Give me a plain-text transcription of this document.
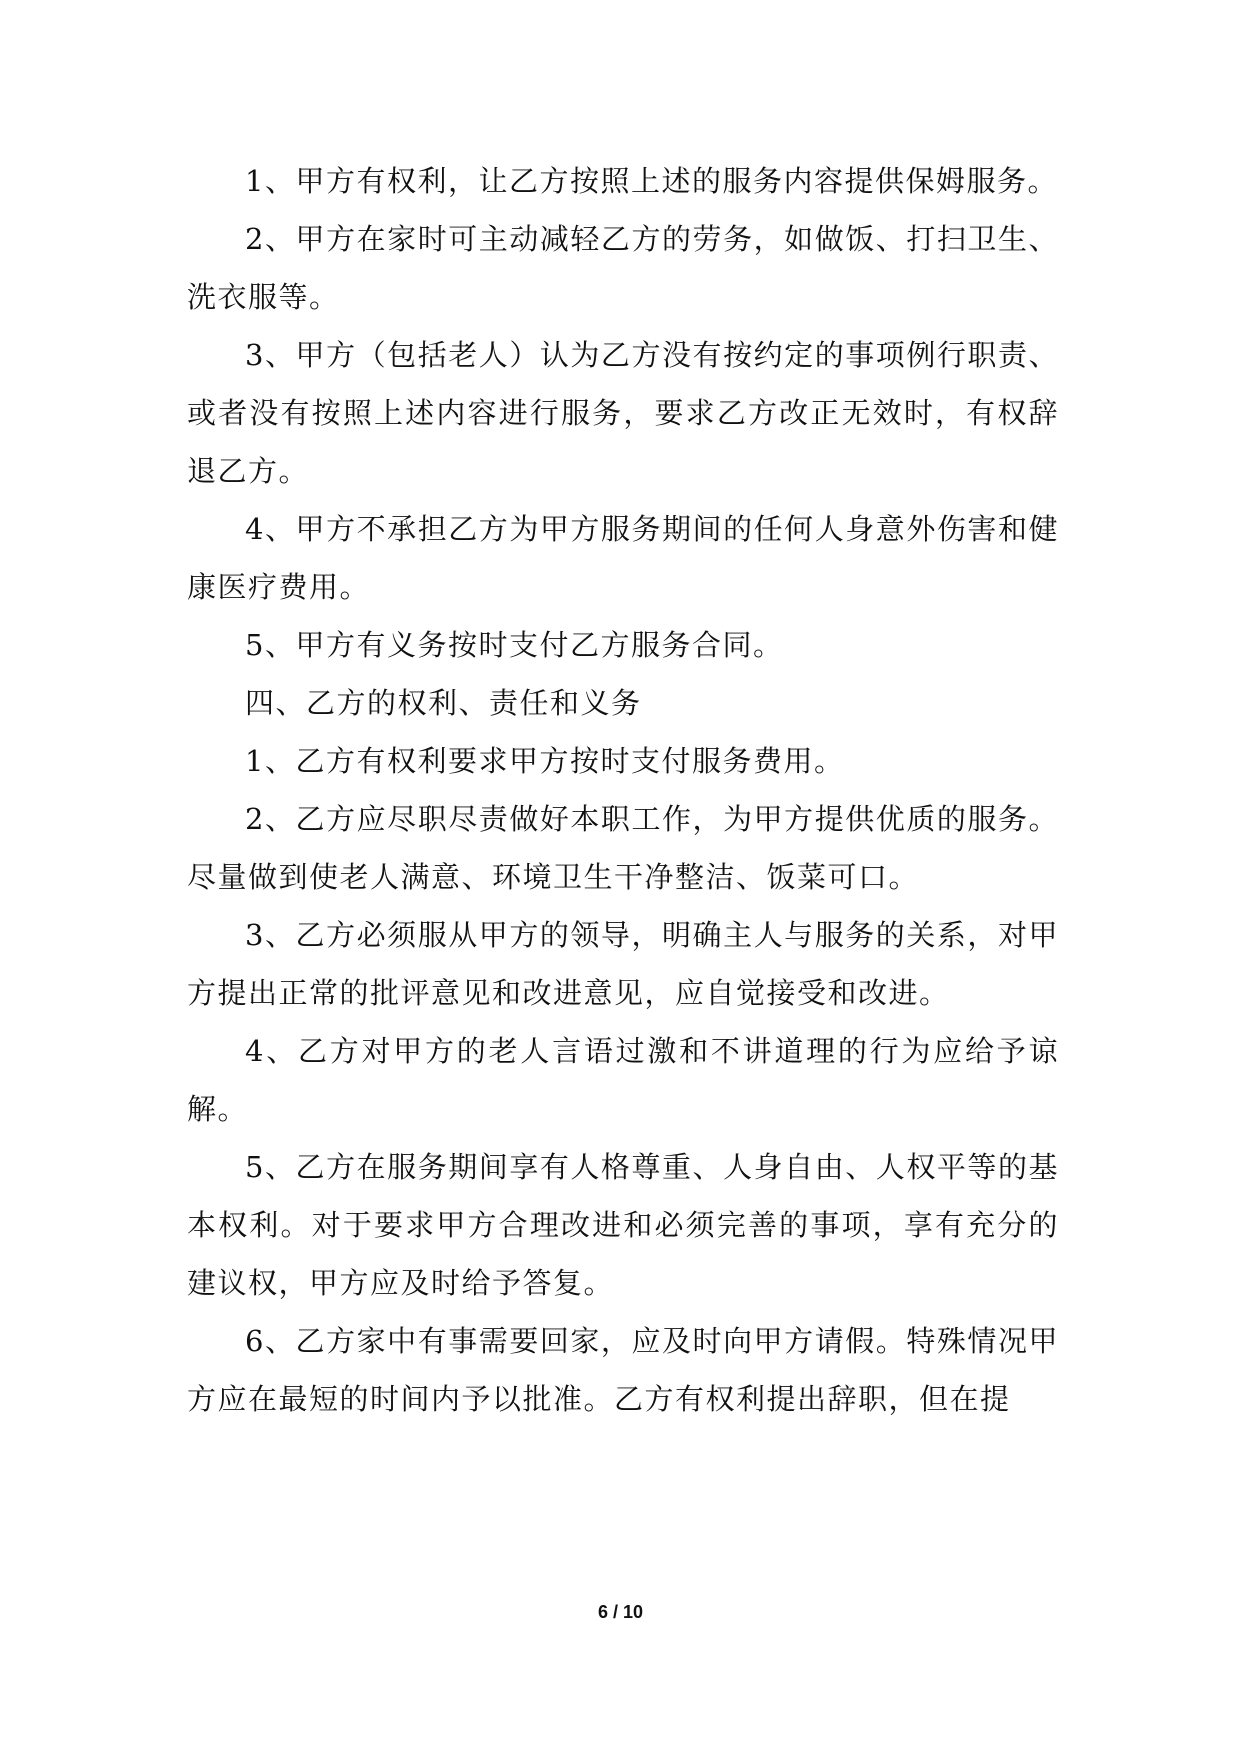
1、甲方有权利，让乙方按照上述的服务内容提供保姆服务。

2、甲方在家时可主动减轻乙方的劳务，如做饭、打扫卫生、洗衣服等。

3、甲方（包括老人）认为乙方没有按约定的事项例行职责、或者没有按照上述内容进行服务，要求乙方改正无效时，有权辞退乙方。

4、甲方不承担乙方为甲方服务期间的任何人身意外伤害和健康医疗费用。

5、甲方有义务按时支付乙方服务合同。

四、乙方的权利、责任和义务

1、乙方有权利要求甲方按时支付服务费用。

2、乙方应尽职尽责做好本职工作，为甲方提供优质的服务。尽量做到使老人满意、环境卫生干净整洁、饭菜可口。

3、乙方必须服从甲方的领导，明确主人与服务的关系，对甲方提出正常的批评意见和改进意见，应自觉接受和改进。

4、乙方对甲方的老人言语过激和不讲道理的行为应给予谅解。

5、乙方在服务期间享有人格尊重、人身自由、人权平等的基本权利。对于要求甲方合理改进和必须完善的事项，享有充分的建议权，甲方应及时给予答复。

6、乙方家中有事需要回家，应及时向甲方请假。特殊情况甲方应在最短的时间内予以批准。乙方有权利提出辞职，但在提

6 / 10
